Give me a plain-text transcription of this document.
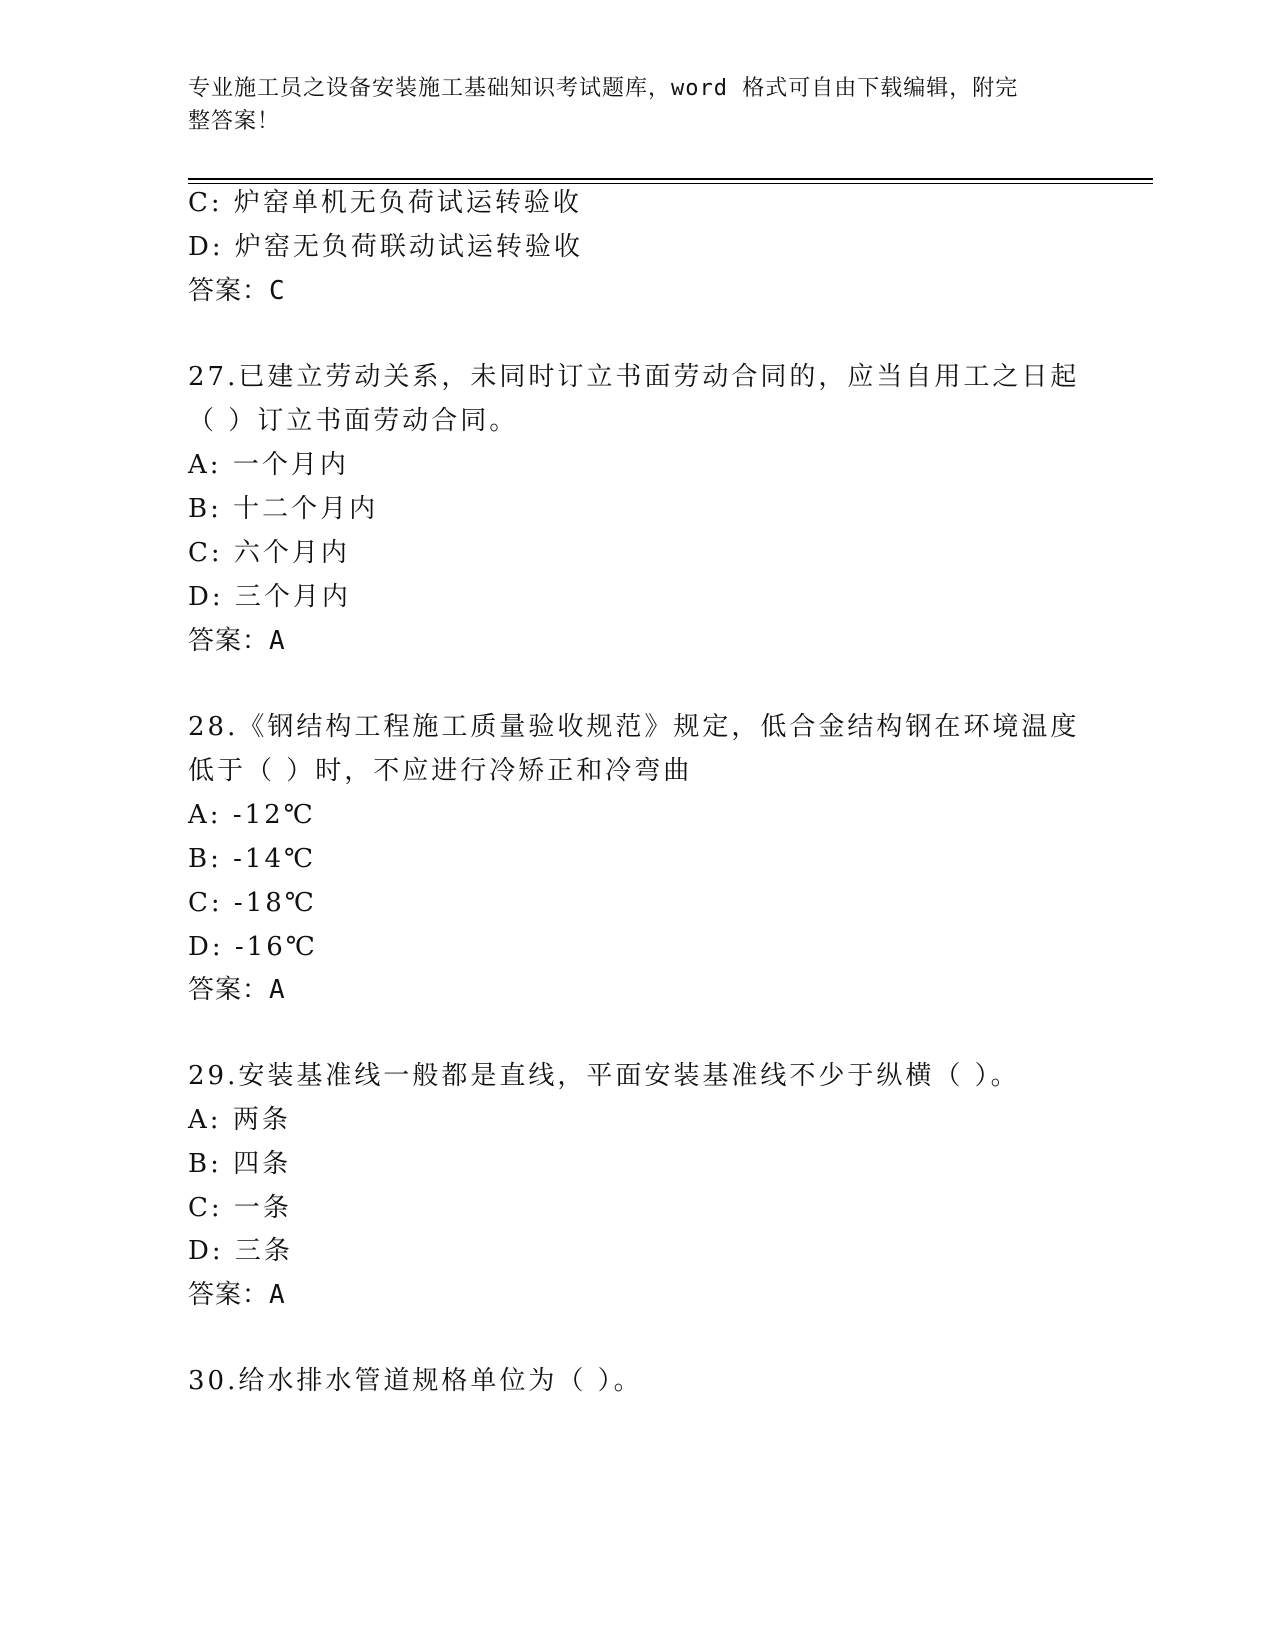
专业施工员之设备安装施工基础知识考试题库，word 格式可自由下载编辑，附完
整答案！
C: 炉窑单机无负荷试运转验收
D: 炉窑无负荷联动试运转验收
答案：C
27.已建立劳动关系，未同时订立书面劳动合同的，应当自用工之日起
（ ）订立书面劳动合同。
A: 一个月内
B: 十二个月内
C: 六个月内
D: 三个月内
答案：A
28.《钢结构工程施工质量验收规范》规定，低合金结构钢在环境温度
低于（ ）时，不应进行冷矫正和冷弯曲
A: -12℃
B: -14℃
C: -18℃
D: -16℃
答案：A
29.安装基准线一般都是直线，平面安装基准线不少于纵横（ ）。
A: 两条
B: 四条
C: 一条
D: 三条
答案：A
30.给水排水管道规格单位为（ ）。
